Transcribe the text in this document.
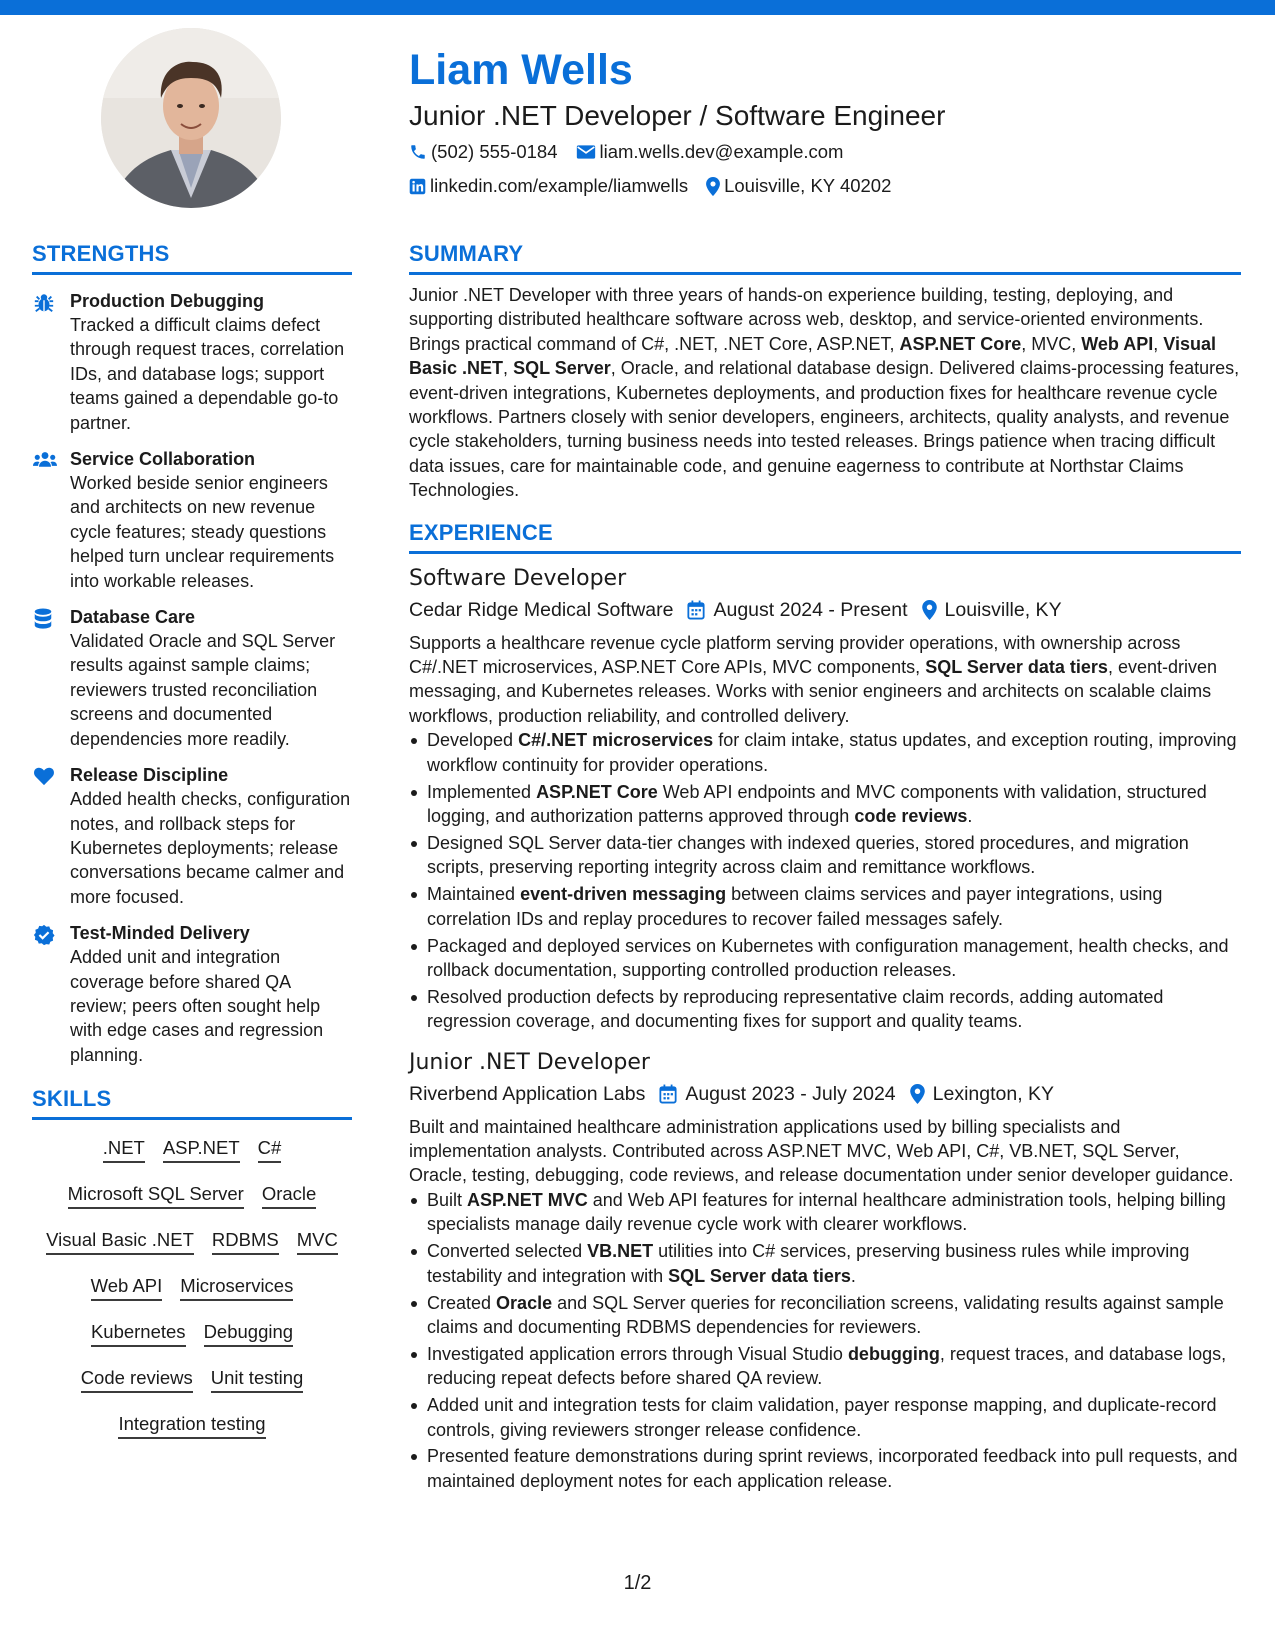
Liam Wells
Junior .NET Developer / Software Engineer
(502) 555-0184 liam.wells.dev@example.com
linkedin.com/example/liamwells Louisville, KY 40202
STRENGTHS
Production Debugging
Tracked a difficult claims defect through request traces, correlation IDs, and database logs; support teams gained a dependable go-to partner.
Service Collaboration
Worked beside senior engineers and architects on new revenue cycle features; steady questions helped turn unclear requirements into workable releases.
Database Care
Validated Oracle and SQL Server results against sample claims; reviewers trusted reconciliation screens and documented dependencies more readily.
Release Discipline
Added health checks, configuration notes, and rollback steps for Kubernetes deployments; release conversations became calmer and more focused.
Test-Minded Delivery
Added unit and integration coverage before shared QA review; peers often sought help with edge cases and regression planning.
SKILLS
.NET ASP.NET C#
Microsoft SQL Server Oracle
Visual Basic .NET RDBMS MVC
Web API Microservices
Kubernetes Debugging
Code reviews Unit testing
Integration testing
SUMMARY
Junior .NET Developer with three years of hands-on experience building, testing, deploying, and supporting distributed healthcare software across web, desktop, and service-oriented environments. Brings practical command of C#, .NET, .NET Core, ASP.NET, ASP.NET Core, MVC, Web API, Visual Basic .NET, SQL Server, Oracle, and relational database design. Delivered claims-processing features, event-driven integrations, Kubernetes deployments, and production fixes for healthcare revenue cycle workflows. Partners closely with senior developers, engineers, architects, quality analysts, and revenue cycle stakeholders, turning business needs into tested releases. Brings patience when tracing difficult data issues, care for maintainable code, and genuine eagerness to contribute at Northstar Claims Technologies.
EXPERIENCE
Software Developer
Cedar Ridge Medical Software August 2024 - Present Louisville, KY
Supports a healthcare revenue cycle platform serving provider operations, with ownership across C#/.NET microservices, ASP.NET Core APIs, MVC components, SQL Server data tiers, event-driven messaging, and Kubernetes releases. Works with senior engineers and architects on scalable claims workflows, production reliability, and controlled delivery.
Developed C#/.NET microservices for claim intake, status updates, and exception routing, improving workflow continuity for provider operations.
Implemented ASP.NET Core Web API endpoints and MVC components with validation, structured logging, and authorization patterns approved through code reviews.
Designed SQL Server data-tier changes with indexed queries, stored procedures, and migration scripts, preserving reporting integrity across claim and remittance workflows.
Maintained event-driven messaging between claims services and payer integrations, using correlation IDs and replay procedures to recover failed messages safely.
Packaged and deployed services on Kubernetes with configuration management, health checks, and rollback documentation, supporting controlled production releases.
Resolved production defects by reproducing representative claim records, adding automated regression coverage, and documenting fixes for support and quality teams.
Junior .NET Developer
Riverbend Application Labs August 2023 - July 2024 Lexington, KY
Built and maintained healthcare administration applications used by billing specialists and implementation analysts. Contributed across ASP.NET MVC, Web API, C#, VB.NET, SQL Server, Oracle, testing, debugging, code reviews, and release documentation under senior developer guidance.
Built ASP.NET MVC and Web API features for internal healthcare administration tools, helping billing specialists manage daily revenue cycle work with clearer workflows.
Converted selected VB.NET utilities into C# services, preserving business rules while improving testability and integration with SQL Server data tiers.
Created Oracle and SQL Server queries for reconciliation screens, validating results against sample claims and documenting RDBMS dependencies for reviewers.
Investigated application errors through Visual Studio debugging, request traces, and database logs, reducing repeat defects before shared QA review.
Added unit and integration tests for claim validation, payer response mapping, and duplicate-record controls, giving reviewers stronger release confidence.
Presented feature demonstrations during sprint reviews, incorporated feedback into pull requests, and maintained deployment notes for each application release.
1/2
